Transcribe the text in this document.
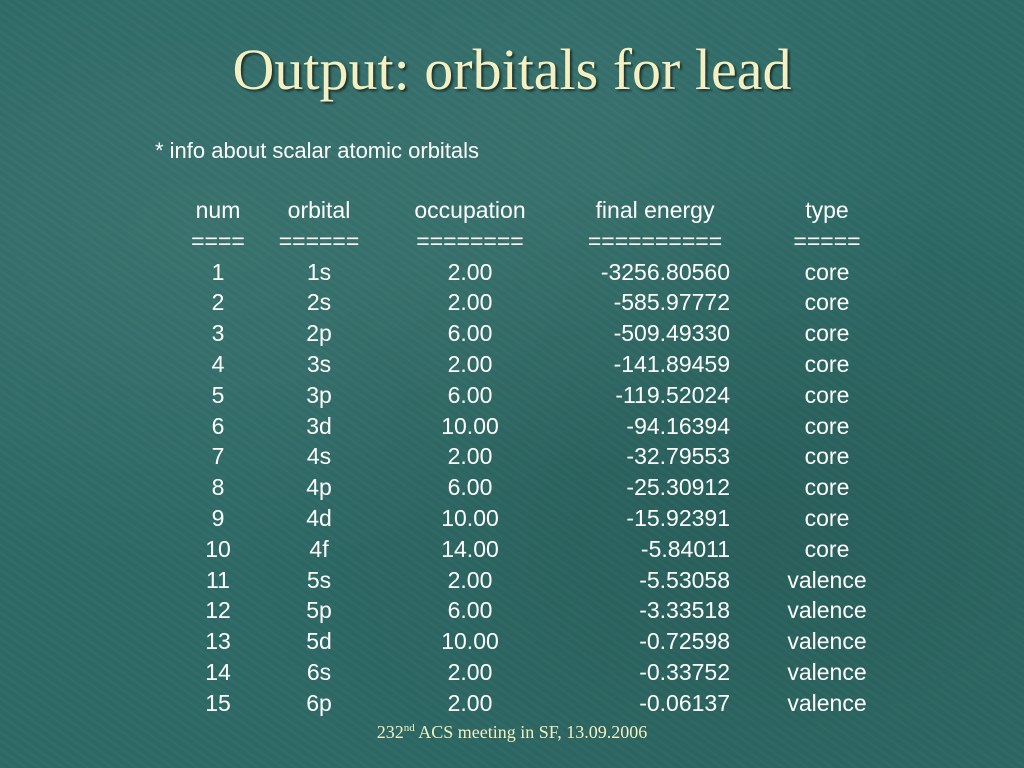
Output: orbitals for lead
* info about scalar atomic orbitals
num	orbital	occupation	final energy	type
====	======	========	==========	=====
1	1s	2.00	-3256.80560	core
2	2s	2.00	-585.97772	core
3	2p	6.00	-509.49330	core
4	3s	2.00	-141.89459	core
5	3p	6.00	-119.52024	core
6	3d	10.00	-94.16394	core
7	4s	2.00	-32.79553	core
8	4p	6.00	-25.30912	core
9	4d	10.00	-15.92391	core
10	4f	14.00	-5.84011	core
11	5s	2.00	-5.53058	valence
12	5p	6.00	-3.33518	valence
13	5d	10.00	-0.72598	valence
14	6s	2.00	-0.33752	valence
15	6p	2.00	-0.06137	valence
232nd ACS meeting in SF, 13.09.2006
